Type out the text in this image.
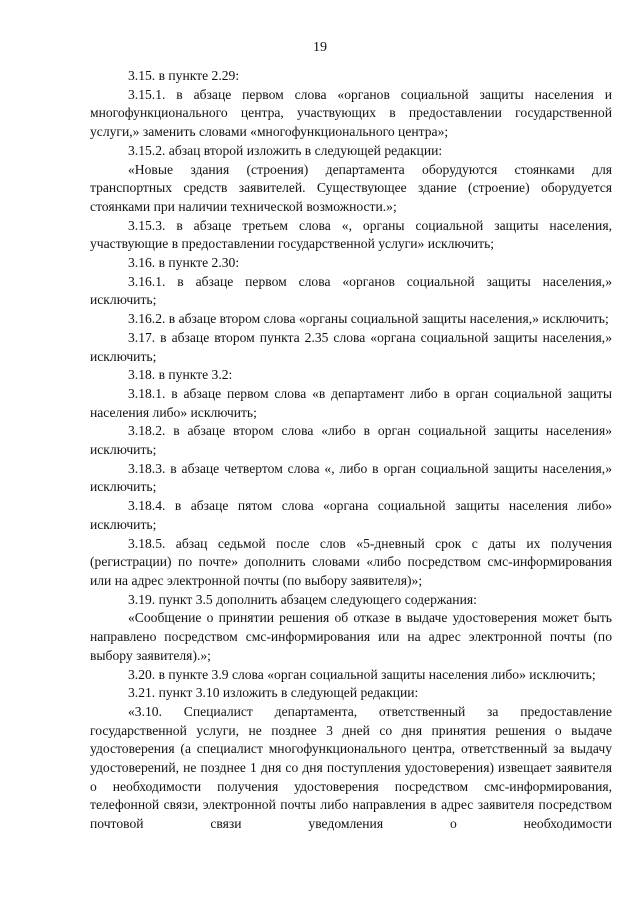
19

3.15. в пункте 2.29:

3.15.1. в абзаце первом слова «органов социальной защиты населения и многофункционального центра, участвующих в предоставлении государственной услуги,» заменить словами «многофункционального центра»;

3.15.2. абзац второй изложить в следующей редакции:

«Новые здания (строения) департамента оборудуются стоянками для транспортных средств заявителей. Существующее здание (строение) оборудуется стоянками при наличии технической возможности.»;

3.15.3. в абзаце третьем слова «, органы социальной защиты населения, участвующие в предоставлении государственной услуги» исключить;

3.16. в пункте 2.30:

3.16.1. в абзаце первом слова «органов социальной защиты населения,» исключить;

3.16.2. в абзаце втором слова «органы социальной защиты населения,» исключить;

3.17. в абзаце втором пункта 2.35 слова «органа социальной защиты населения,» исключить;

3.18. в пункте 3.2:

3.18.1. в абзаце первом слова «в департамент либо в орган социальной защиты населения либо» исключить;

3.18.2. в абзаце втором слова «либо в орган социальной защиты населения» исключить;

3.18.3. в абзаце четвертом слова «, либо в орган социальной защиты населения,» исключить;

3.18.4. в абзаце пятом слова «органа социальной защиты населения либо» исключить;

3.18.5. абзац седьмой после слов «5-дневный срок с даты их получения (регистрации) по почте» дополнить словами «либо посредством смс-информирования или на адрес электронной почты (по выбору заявителя)»;

3.19. пункт 3.5 дополнить абзацем следующего содержания:

«Сообщение о принятии решения об отказе в выдаче удостоверения может быть направлено посредством смс-информирования или на адрес электронной почты (по выбору заявителя).»;

3.20. в пункте 3.9 слова «орган социальной защиты населения либо» исключить;

3.21. пункт 3.10 изложить в следующей редакции:

«3.10. Специалист департамента, ответственный за предоставление государственной услуги, не позднее 3 дней со дня принятия решения о выдаче удостоверения (а специалист многофункционального центра, ответственный за выдачу удостоверений, не позднее 1 дня со дня поступления удостоверения) извещает заявителя о необходимости получения удостоверения посредством смс-информирования, телефонной связи, электронной почты либо направления в адрес заявителя посредством почтовой связи уведомления о необходимости
